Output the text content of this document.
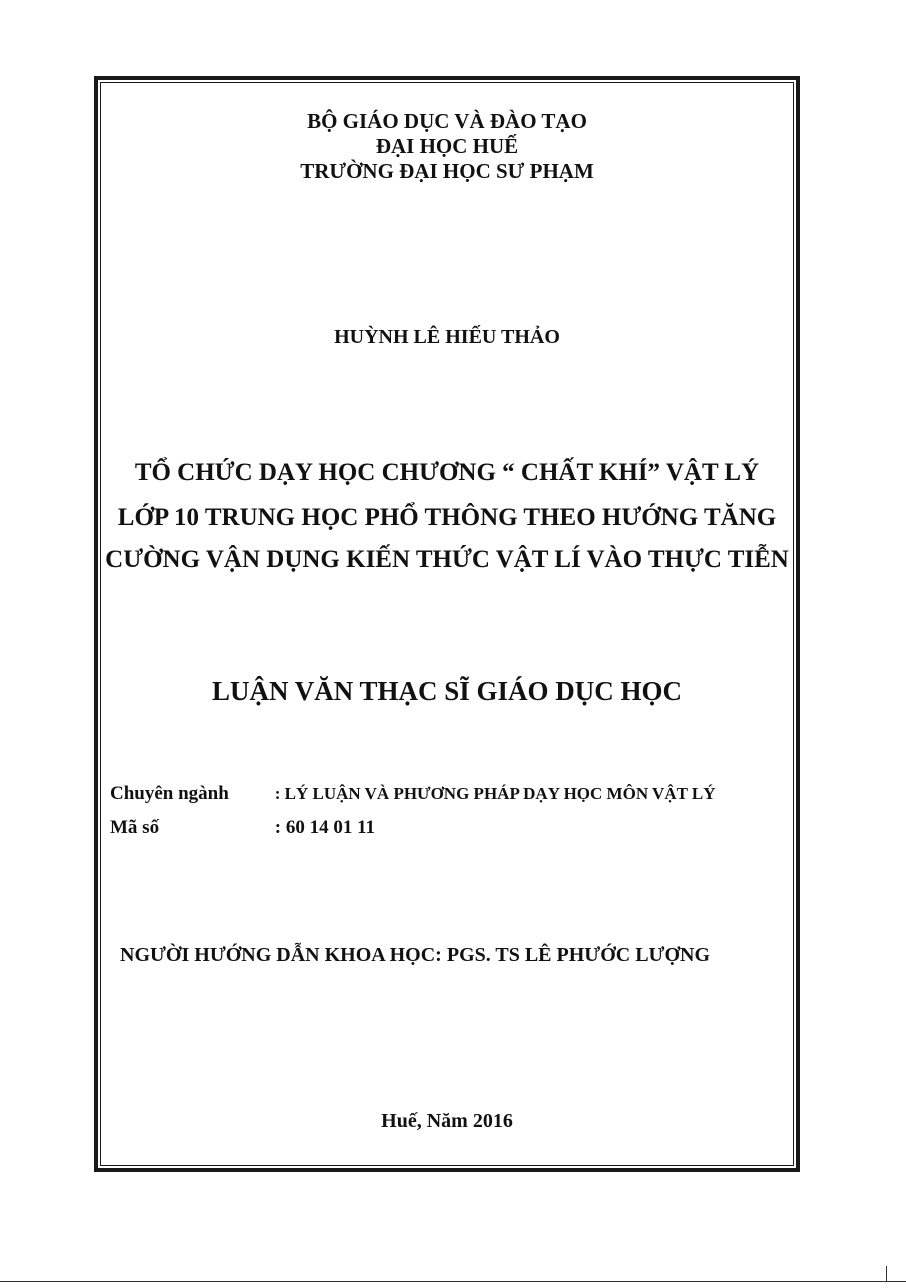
BỘ GIÁO DỤC VÀ ĐÀO TẠO
ĐẠI HỌC HUẾ
TRƯỜNG ĐẠI HỌC SƯ PHẠM
HUỲNH LÊ HIẾU THẢO
TỔ CHỨC DẠY HỌC CHƯƠNG “ CHẤT KHÍ” VẬT LÝ
LỚP 10 TRUNG HỌC PHỔ THÔNG THEO HƯỚNG TĂNG
CƯỜNG VẬN DỤNG KIẾN THỨC VẬT LÍ VÀO THỰC TIỄN
LUẬN VĂN THẠC SĨ GIÁO DỤC HỌC
Chuyên ngành	: LÝ LUẬN VÀ PHƯƠNG PHÁP DẠY HỌC MÔN VẬT LÝ
Mã số	: 60 14 01 11
NGƯỜI HƯỚNG DẪN KHOA HỌC: PGS. TS LÊ PHƯỚC LƯỢNG
Huế, Năm 2016
